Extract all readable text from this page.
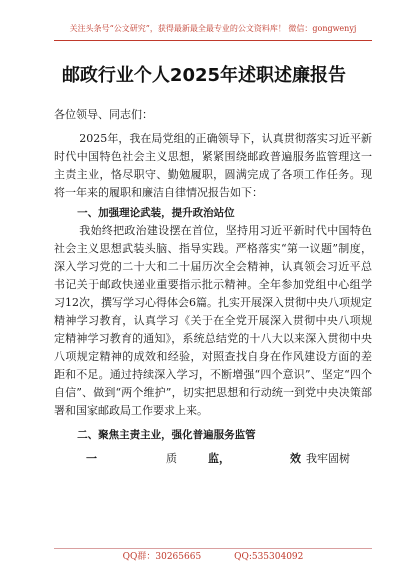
关注头条号“公文研究”，获得最新最全最专业的公文资料库！ 微信：gongwenyj
邮政行业个人2025年述职述廉报告

各位领导、同志们：

2025年，我在局党组的正确领导下，认真贯彻落实习近平新时代中国特色社会主义思想，紧紧围绕邮政普遍服务监管理这一主责主业，恪尽职守、勤勉履职，圆满完成了各项工作任务。现将一年来的履职和廉洁自律情况报告如下：

一、加强理论武装，提升政治站位

我始终把政治建设摆在首位，坚持用习近平新时代中国特色社会主义思想武装头脑、指导实践。严格落实“第一议题”制度，深入学习党的二十大和二十届历次全会精神，认真领会习近平总书记关于邮政快递业重要指示批示精神。全年参加党组中心组学习12次，撰写学习心得体会6篇。扎实开展深入贯彻中央八项规定精神学习教育，认真学习《关于在全党开展深入贯彻中央八项规定精神学习教育的通知》，系统总结党的十八大以来深入贯彻中央八项规定精神的成效和经验，对照查找自身在作风建设方面的差距和不足。通过持续深入学习，不断增强“四个意识”、坚定“四个自信”、做到“两个维护”，切实把思想和行动统一到党中央决策部署和国家邮政局工作要求上来。

二、聚焦主责主业，强化普遍服务监管

一	质	监，	效 我牢固树
QQ群：30265665	QQ:535304092
